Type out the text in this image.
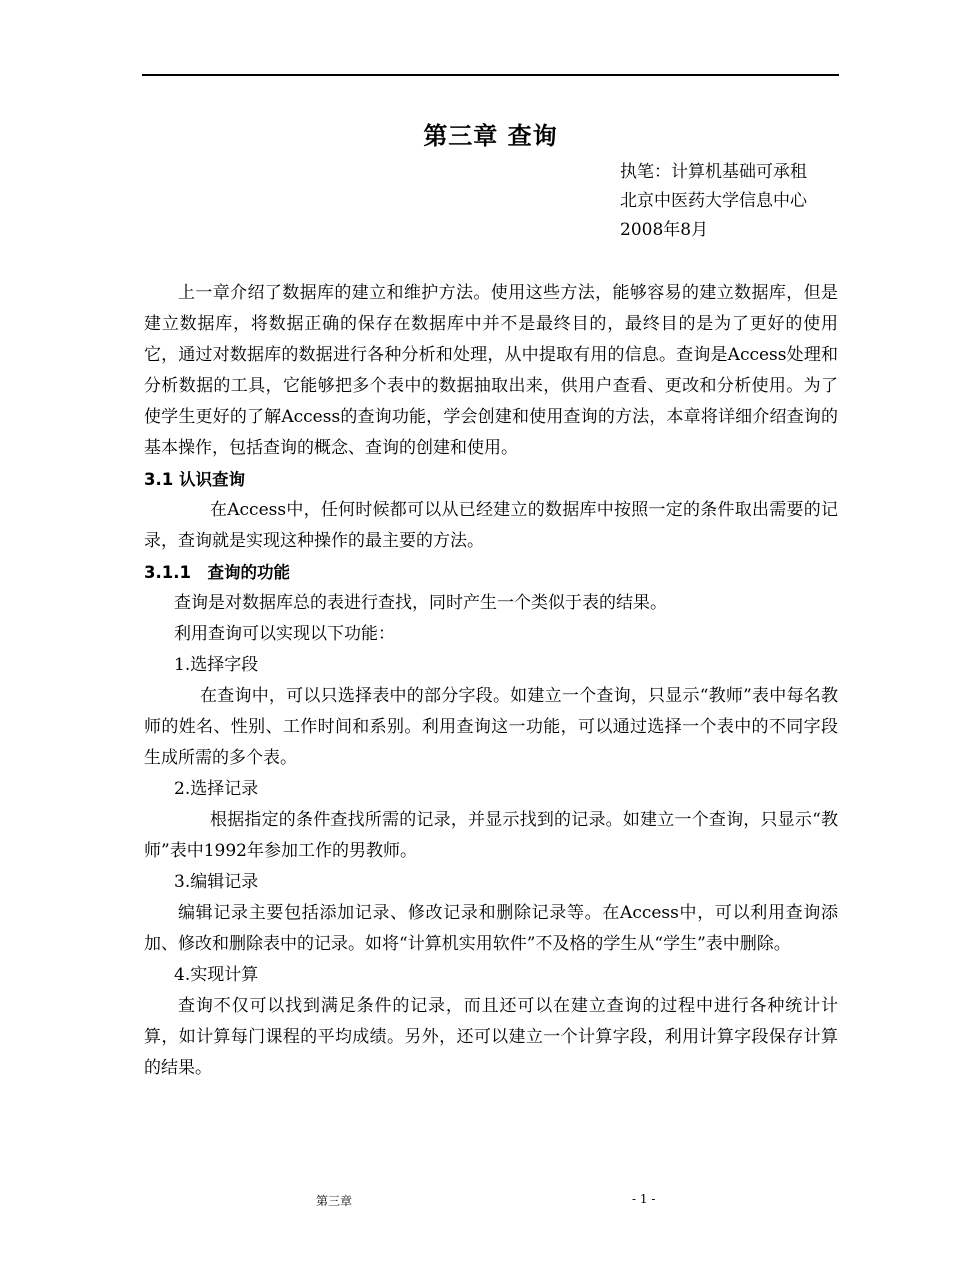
第三章 查询
执笔：计算机基础可承租
北京中医药大学信息中心
2008年8月

上一章介绍了数据库的建立和维护方法。使用这些方法，能够容易的建立数据库，但是建立数据库，将数据正确的保存在数据库中并不是最终目的，最终目的是为了更好的使用它，通过对数据库的数据进行各种分析和处理，从中提取有用的信息。查询是Access处理和分析数据的工具，它能够把多个表中的数据抽取出来，供用户查看、更改和分析使用。为了使学生更好的了解Access的查询功能，学会创建和使用查询的方法，本章将详细介绍查询的基本操作，包括查询的概念、查询的创建和使用。

3.1 认识查询

在Access中，任何时候都可以从已经建立的数据库中按照一定的条件取出需要的记录，查询就是实现这种操作的最主要的方法。

3.1.1　查询的功能

查询是对数据库总的表进行查找，同时产生一个类似于表的结果。

利用查询可以实现以下功能：

1.选择字段

在查询中，可以只选择表中的部分字段。如建立一个查询，只显示“教师”表中每名教师的姓名、性别、工作时间和系别。利用查询这一功能，可以通过选择一个表中的不同字段生成所需的多个表。

2.选择记录

根据指定的条件查找所需的记录，并显示找到的记录。如建立一个查询，只显示“教师”表中1992年参加工作的男教师。

3.编辑记录

编辑记录主要包括添加记录、修改记录和删除记录等。在Access中，可以利用查询添加、修改和删除表中的记录。如将“计算机实用软件”不及格的学生从“学生”表中删除。

4.实现计算

查询不仅可以找到满足条件的记录，而且还可以在建立查询的过程中进行各种统计计算，如计算每门课程的平均成绩。另外，还可以建立一个计算字段，利用计算字段保存计算的结果。

第三章	- 1 -
